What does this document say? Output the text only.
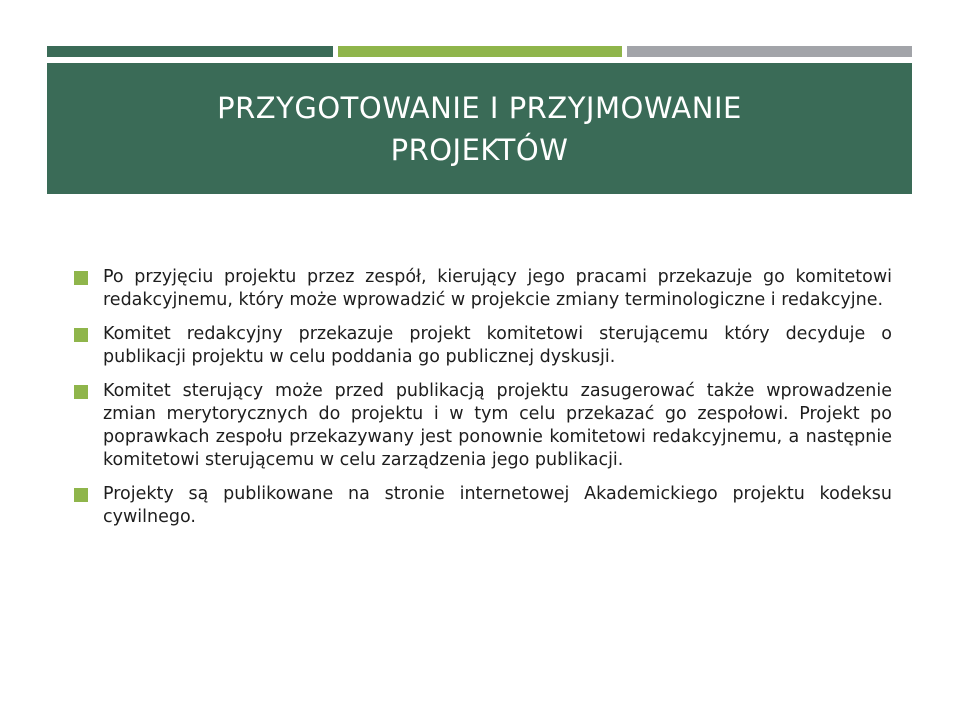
PRZYGOTOWANIE I PRZYJMOWANIE
PROJEKTÓW

Po przyjęciu projektu przez zespół, kierujący jego pracami przekazuje go komitetowi redakcyjnemu, który może wprowadzić w projekcie zmiany terminologiczne i redakcyjne.

Komitet redakcyjny przekazuje projekt komitetowi sterującemu który decyduje o publikacji projektu w celu poddania go publicznej dyskusji.

Komitet sterujący może przed publikacją projektu zasugerować także wprowadzenie zmian merytorycznych do projektu i w tym celu przekazać go zespołowi. Projekt po poprawkach zespołu przekazywany jest ponownie komitetowi redakcyjnemu, a następnie komitetowi sterującemu w celu zarządzenia jego publikacji.

Projekty są publikowane na stronie internetowej Akademickiego projektu kodeksu cywilnego.
